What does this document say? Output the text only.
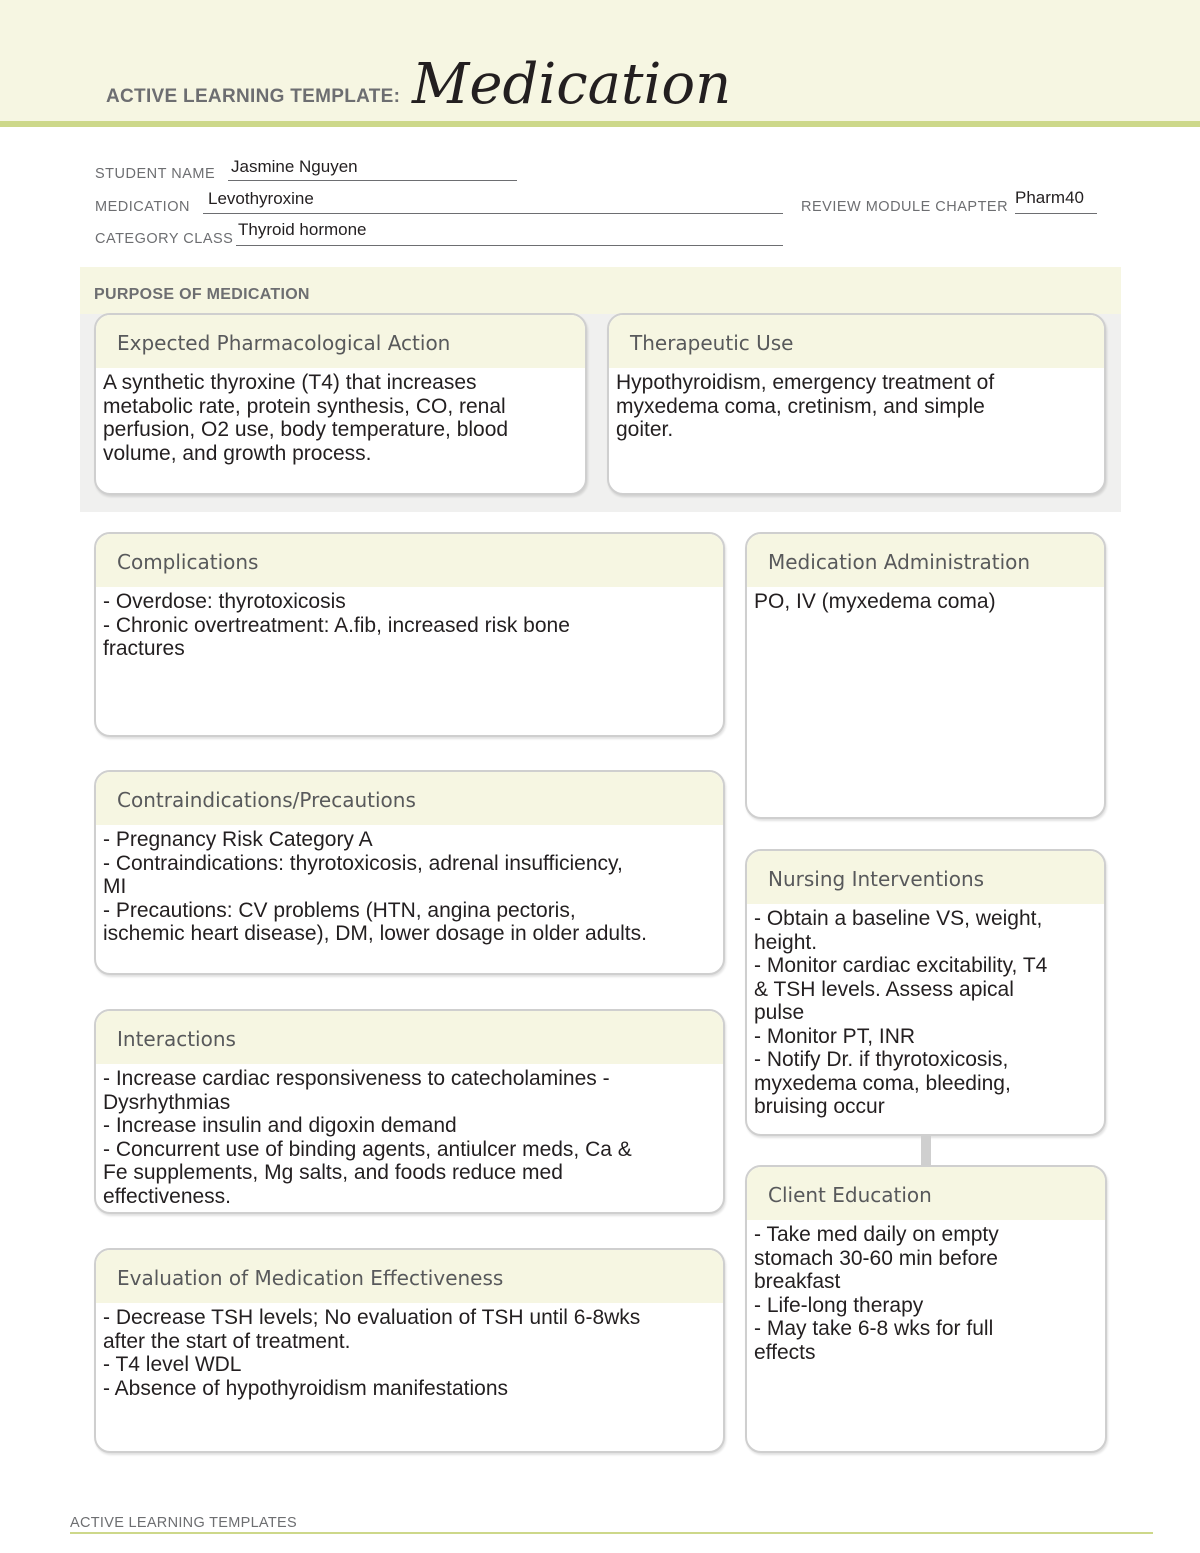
ACTIVE LEARNING TEMPLATE: Medication
STUDENT NAME Jasmine Nguyen
MEDICATION Levothyroxine	REVIEW MODULE CHAPTER Pharm40
CATEGORY CLASS Thyroid hormone
PURPOSE OF MEDICATION
Expected Pharmacological Action
A synthetic thyroxine (T4) that increases
metabolic rate, protein synthesis, CO, renal
perfusion, O2 use, body temperature, blood
volume, and growth process.
Therapeutic Use
Hypothyroidism, emergency treatment of
myxedema coma, cretinism, and simple
goiter.
Complications
- Overdose: thyrotoxicosis
- Chronic overtreatment: A.fib, increased risk bone
fractures
Medication Administration
PO, IV (myxedema coma)
Contraindications/Precautions
- Pregnancy Risk Category A
- Contraindications: thyrotoxicosis, adrenal insufficiency,
MI
- Precautions: CV problems (HTN, angina pectoris,
ischemic heart disease), DM, lower dosage in older adults.
Nursing Interventions
- Obtain a baseline VS, weight,
height.
- Monitor cardiac excitability, T4
& TSH levels. Assess apical
pulse
- Monitor PT, INR
- Notify Dr. if thyrotoxicosis,
myxedema coma, bleeding,
bruising occur
Interactions
- Increase cardiac responsiveness to catecholamines -
Dysrhythmias
- Increase insulin and digoxin demand
- Concurrent use of binding agents, antiulcer meds, Ca &
Fe supplements, Mg salts, and foods reduce med
effectiveness.	Client Education
- Take med daily on empty
stomach 30-60 min before
breakfast
- Life-long therapy
- May take 6-8 wks for full
effects
Evaluation of Medication Effectiveness
- Decrease TSH levels; No evaluation of TSH until 6-8wks
after the start of treatment.
- T4 level WDL
- Absence of hypothyroidism manifestations
ACTIVE LEARNING TEMPLATES
